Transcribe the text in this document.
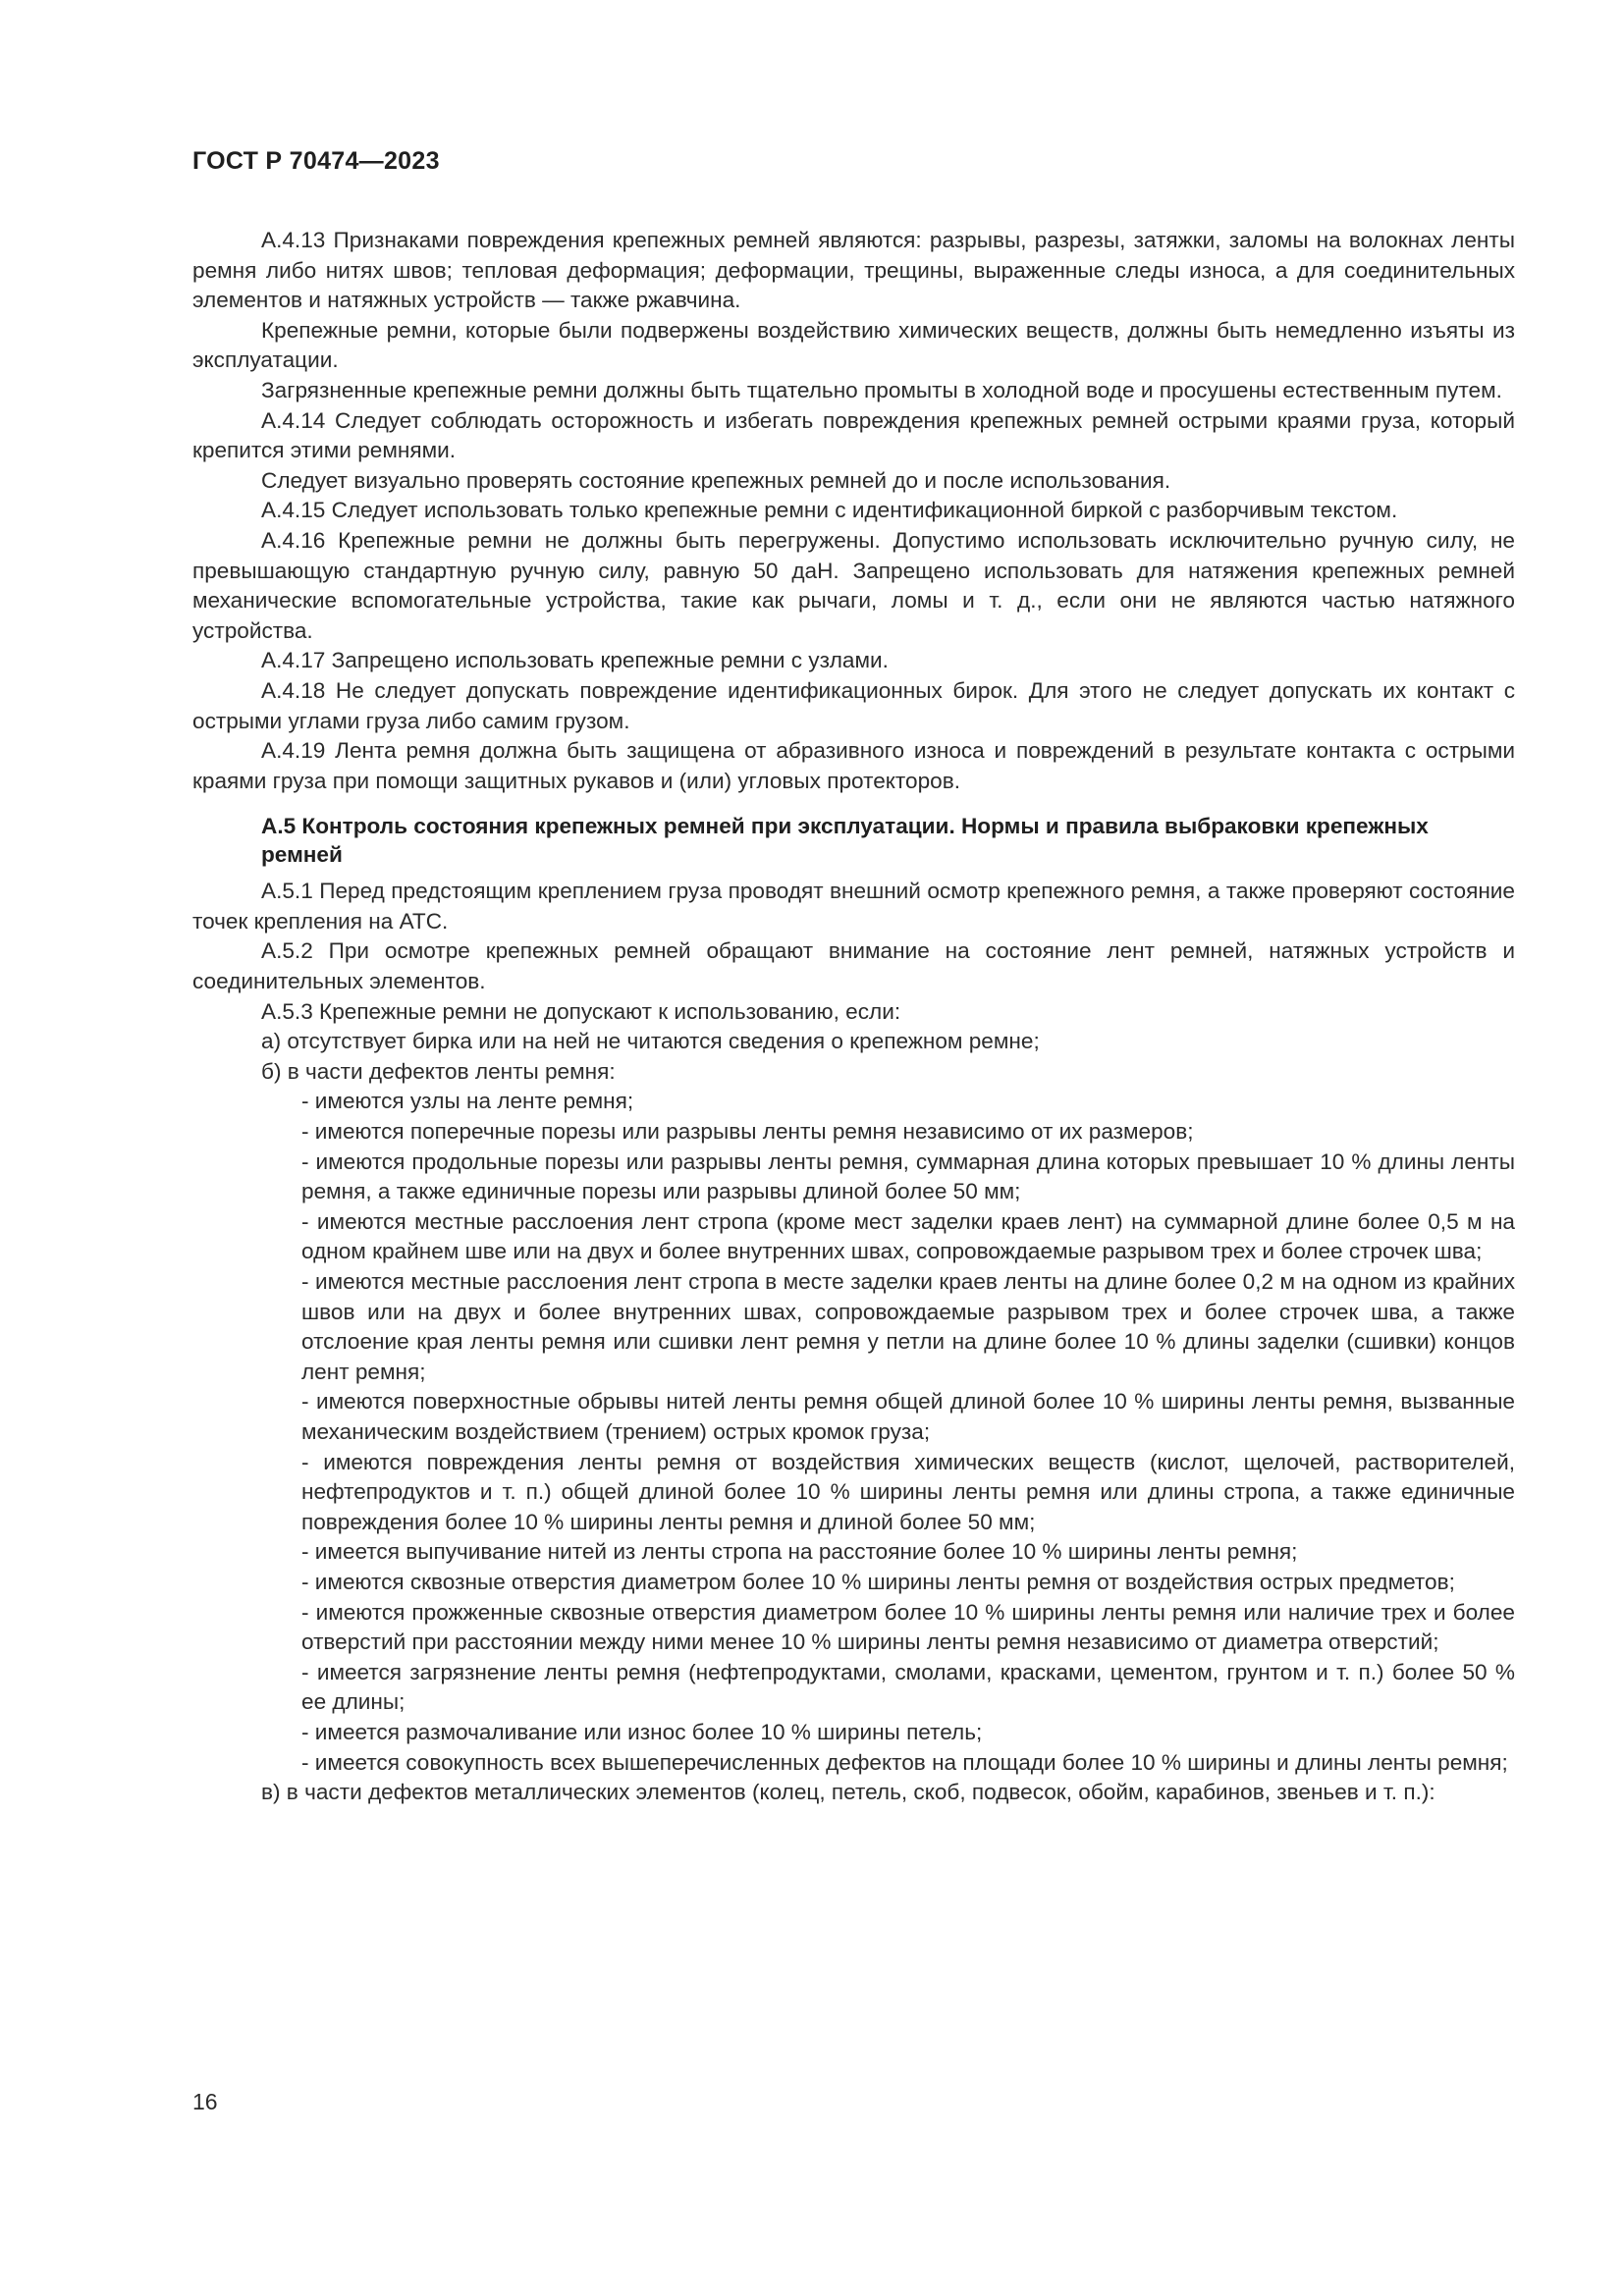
ГОСТ Р 70474—2023

А.4.13 Признаками повреждения крепежных ремней являются: разрывы, разрезы, затяжки, заломы на волокнах ленты ремня либо нитях швов; тепловая деформация; деформации, трещины, выраженные следы износа, а для соединительных элементов и натяжных устройств — также ржавчина.

Крепежные ремни, которые были подвержены воздействию химических веществ, должны быть немедленно изъяты из эксплуатации.

Загрязненные крепежные ремни должны быть тщательно промыты в холодной воде и просушены естественным путем.

А.4.14 Следует соблюдать осторожность и избегать повреждения крепежных ремней острыми краями груза, который крепится этими ремнями.

Следует визуально проверять состояние крепежных ремней до и после использования.

А.4.15 Следует использовать только крепежные ремни с идентификационной биркой с разборчивым текстом.

А.4.16 Крепежные ремни не должны быть перегружены. Допустимо использовать исключительно ручную силу, не превышающую стандартную ручную силу, равную 50 даН. Запрещено использовать для натяжения крепежных ремней механические вспомогательные устройства, такие как рычаги, ломы и т. д., если они не являются частью натяжного устройства.

А.4.17 Запрещено использовать крепежные ремни с узлами.

А.4.18 Не следует допускать повреждение идентификационных бирок. Для этого не следует допускать их контакт с острыми углами груза либо самим грузом.

А.4.19 Лента ремня должна быть защищена от абразивного износа и повреждений в результате контакта с острыми краями груза при помощи защитных рукавов и (или) угловых протекторов.

А.5 Контроль состояния крепежных ремней при эксплуатации. Нормы и правила выбраковки крепежных ремней

А.5.1 Перед предстоящим креплением груза проводят внешний осмотр крепежного ремня, а также проверяют состояние точек крепления на АТС.

А.5.2 При осмотре крепежных ремней обращают внимание на состояние лент ремней, натяжных устройств и соединительных элементов.

А.5.3 Крепежные ремни не допускают к использованию, если:

а) отсутствует бирка или на ней не читаются сведения о крепежном ремне;

б) в части дефектов ленты ремня:

- имеются узлы на ленте ремня;

- имеются поперечные порезы или разрывы ленты ремня независимо от их размеров;

- имеются продольные порезы или разрывы ленты ремня, суммарная длина которых превышает 10 % длины ленты ремня, а также единичные порезы или разрывы длиной более 50 мм;

- имеются местные расслоения лент стропа (кроме мест заделки краев лент) на суммарной длине более 0,5 м на одном крайнем шве или на двух и более внутренних швах, сопровождаемые разрывом трех и более строчек шва;

- имеются местные расслоения лент стропа в месте заделки краев ленты на длине более 0,2 м на одном из крайних швов или на двух и более внутренних швах, сопровождаемые разрывом трех и более строчек шва, а также отслоение края ленты ремня или сшивки лент ремня у петли на длине более 10 % длины заделки (сшивки) концов лент ремня;

- имеются поверхностные обрывы нитей ленты ремня общей длиной более 10 % ширины ленты ремня, вызванные механическим воздействием (трением) острых кромок груза;

- имеются повреждения ленты ремня от воздействия химических веществ (кислот, щелочей, растворителей, нефтепродуктов и т. п.) общей длиной более 10 % ширины ленты ремня или длины стропа, а также единичные повреждения более 10 % ширины ленты ремня и длиной более 50 мм;

- имеется выпучивание нитей из ленты стропа на расстояние более 10 % ширины ленты ремня;

- имеются сквозные отверстия диаметром более 10 % ширины ленты ремня от воздействия острых предметов;

- имеются прожженные сквозные отверстия диаметром более 10 % ширины ленты ремня или наличие трех и более отверстий при расстоянии между ними менее 10 % ширины ленты ремня независимо от диаметра отверстий;

- имеется загрязнение ленты ремня (нефтепродуктами, смолами, красками, цементом, грунтом и т. п.) более 50 % ее длины;

- имеется размочаливание или износ более 10 % ширины петель;

- имеется совокупность всех вышеперечисленных дефектов на площади более 10 % ширины и длины ленты ремня;

в) в части дефектов металлических элементов (колец, петель, скоб, подвесок, обойм, карабинов, звеньев и т. п.):

16
